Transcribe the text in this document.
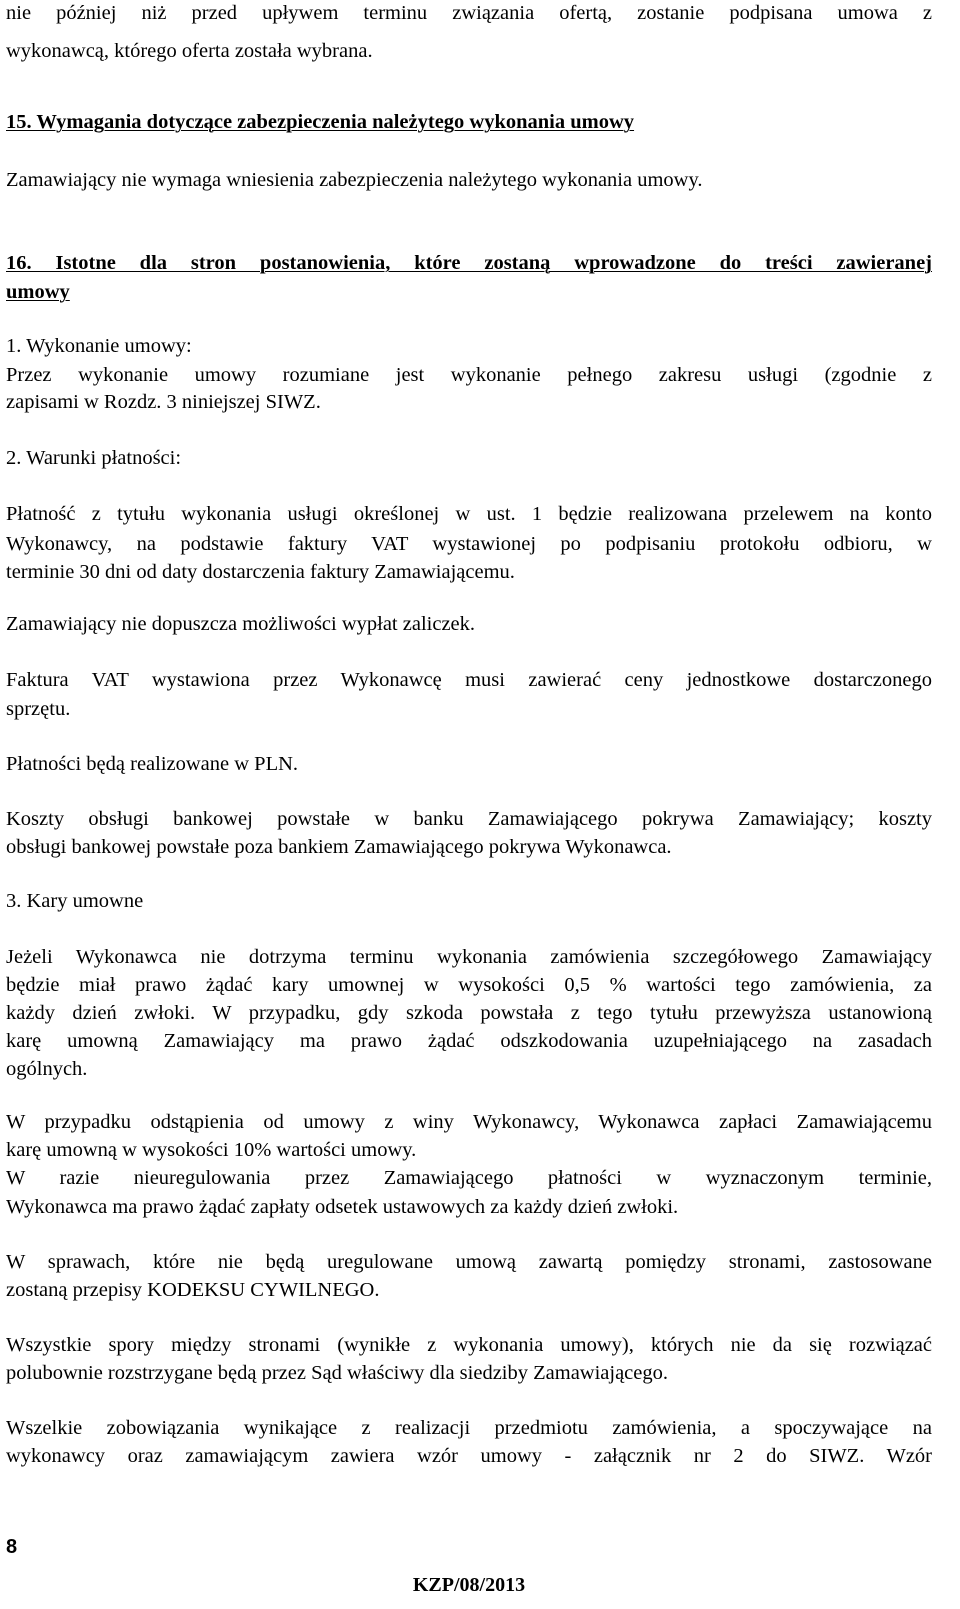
nie później niż przed upływem terminu związania ofertą, zostanie podpisana umowa z
wykonawcą, którego oferta została wybrana.
15. Wymagania dotyczące zabezpieczenia należytego wykonania umowy
Zamawiający nie wymaga wniesienia zabezpieczenia należytego wykonania umowy.
16. Istotne dla stron postanowienia, które zostaną wprowadzone do treści zawieranej
umowy
1. Wykonanie umowy:
Przez wykonanie umowy rozumiane jest wykonanie pełnego zakresu usługi (zgodnie z
zapisami w Rozdz. 3 niniejszej SIWZ.
2. Warunki płatności:
Płatność z tytułu wykonania usługi określonej w ust. 1 będzie realizowana przelewem na konto
Wykonawcy, na podstawie faktury VAT wystawionej po podpisaniu protokołu odbioru, w
terminie 30 dni od daty dostarczenia faktury Zamawiającemu.
Zamawiający nie dopuszcza możliwości wypłat zaliczek.
Faktura VAT wystawiona przez Wykonawcę musi zawierać ceny jednostkowe dostarczonego
sprzętu.
Płatności będą realizowane w PLN.
Koszty obsługi bankowej powstałe w banku Zamawiającego pokrywa Zamawiający; koszty
obsługi bankowej powstałe poza bankiem Zamawiającego pokrywa Wykonawca.
3. Kary umowne
Jeżeli Wykonawca nie dotrzyma terminu wykonania zamówienia szczegółowego Zamawiający
będzie miał prawo żądać kary umownej w wysokości 0,5 % wartości tego zamówienia, za
każdy dzień zwłoki. W przypadku, gdy szkoda powstała z tego tytułu przewyższa ustanowioną
karę umowną Zamawiający ma prawo żądać odszkodowania uzupełniającego na zasadach
ogólnych.
W przypadku odstąpienia od umowy z winy Wykonawcy, Wykonawca zapłaci Zamawiającemu
karę umowną w wysokości 10% wartości umowy.
W razie nieuregulowania przez Zamawiającego płatności w wyznaczonym terminie,
Wykonawca ma prawo żądać zapłaty odsetek ustawowych za każdy dzień zwłoki.
W sprawach, które nie będą uregulowane umową zawartą pomiędzy stronami, zastosowane
zostaną przepisy KODEKSU CYWILNEGO.
Wszystkie spory między stronami (wynikłe z wykonania umowy), których nie da się rozwiązać
polubownie rozstrzygane będą przez Sąd właściwy dla siedziby Zamawiającego.
Wszelkie zobowiązania wynikające z realizacji przedmiotu zamówienia, a spoczywające na
wykonawcy oraz zamawiającym zawiera wzór umowy - załącznik nr 2 do SIWZ. Wzór
8
KZP/08/2013
